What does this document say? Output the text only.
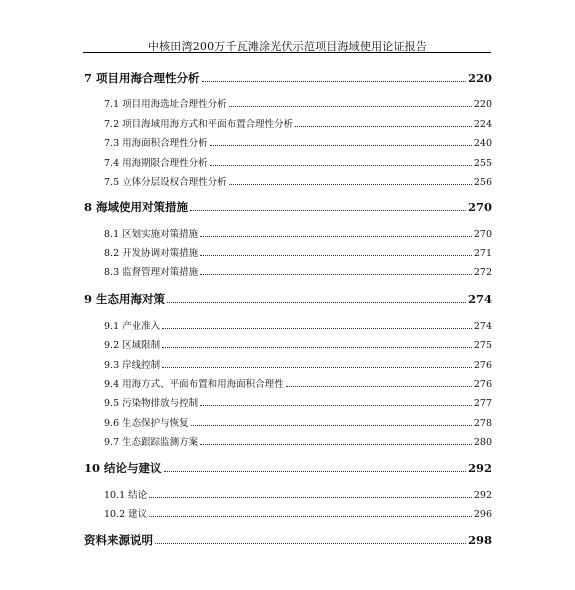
中核田湾200万千瓦滩涂光伏示范项目海域使用论证报告
7 项目用海合理性分析	220
7.1 项目用海选址合理性分析	220
7.2 项目海域用海方式和平面布置合理性分析	224
7.3 用海面积合理性分析	240
7.4 用海期限合理性分析	255
7.5 立体分层设权合理性分析	256
8 海域使用对策措施	270
8.1 区划实施对策措施	270
8.2 开发协调对策措施	271
8.3 监督管理对策措施	272
9 生态用海对策	274
9.1 产业准入	274
9.2 区域限制	275
9.3 岸线控制	276
9.4 用海方式、平面布置和用海面积合理性	276
9.5 污染物排放与控制	277
9.6 生态保护与恢复	278
9.7 生态跟踪监测方案	280
10 结论与建议	292
10.1 结论	292
10.2 建议	296
资料来源说明	298
